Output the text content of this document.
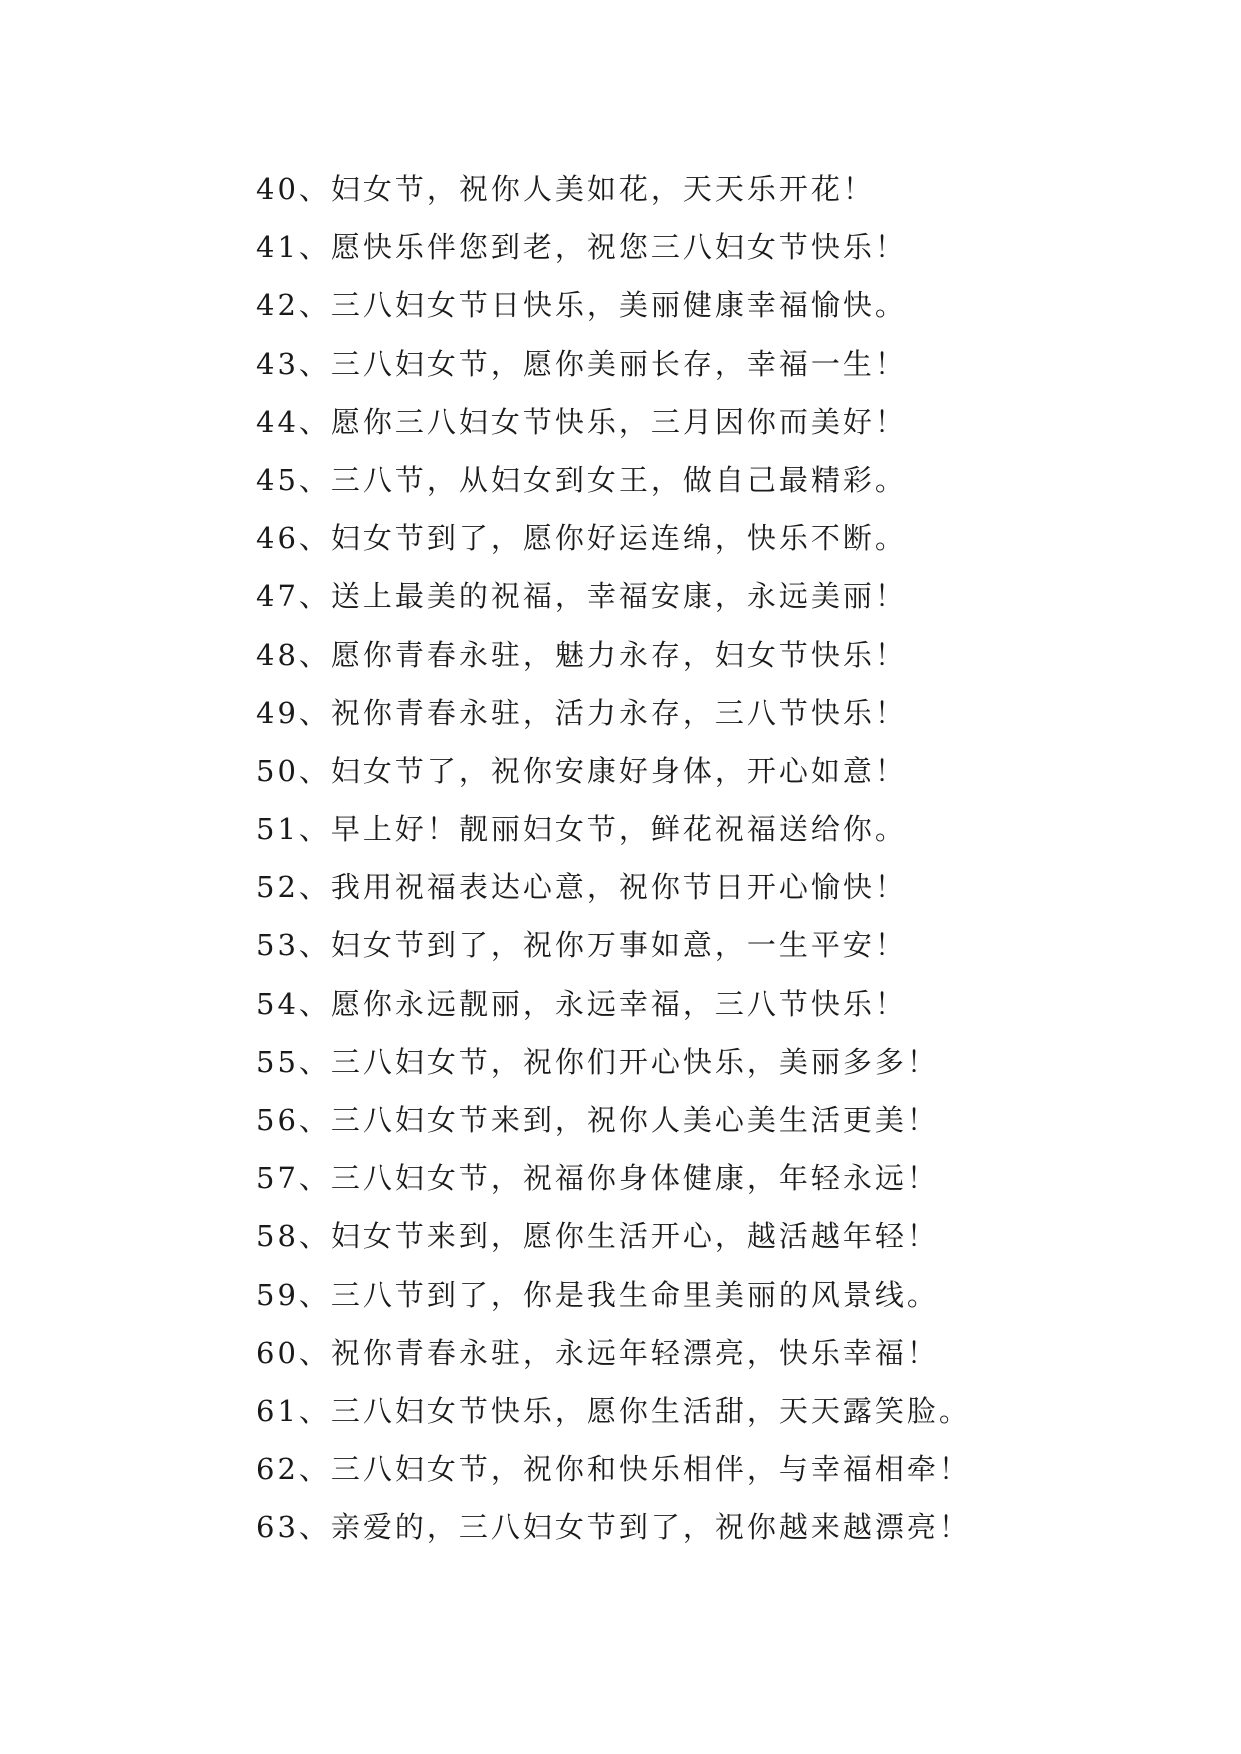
40、妇女节，祝你人美如花，天天乐开花！
41、愿快乐伴您到老，祝您三八妇女节快乐！
42、三八妇女节日快乐，美丽健康幸福愉快。
43、三八妇女节，愿你美丽长存，幸福一生！
44、愿你三八妇女节快乐，三月因你而美好！
45、三八节，从妇女到女王，做自己最精彩。
46、妇女节到了，愿你好运连绵，快乐不断。
47、送上最美的祝福，幸福安康，永远美丽！
48、愿你青春永驻，魅力永存，妇女节快乐！
49、祝你青春永驻，活力永存，三八节快乐！
50、妇女节了，祝你安康好身体，开心如意！
51、早上好！靓丽妇女节，鲜花祝福送给你。
52、我用祝福表达心意，祝你节日开心愉快！
53、妇女节到了，祝你万事如意，一生平安！
54、愿你永远靓丽，永远幸福，三八节快乐！
55、三八妇女节，祝你们开心快乐，美丽多多！
56、三八妇女节来到，祝你人美心美生活更美！
57、三八妇女节，祝福你身体健康，年轻永远！
58、妇女节来到，愿你生活开心，越活越年轻！
59、三八节到了，你是我生命里美丽的风景线。
60、祝你青春永驻，永远年轻漂亮，快乐幸福！
61、三八妇女节快乐，愿你生活甜，天天露笑脸。
62、三八妇女节，祝你和快乐相伴，与幸福相牵！
63、亲爱的，三八妇女节到了，祝你越来越漂亮！
